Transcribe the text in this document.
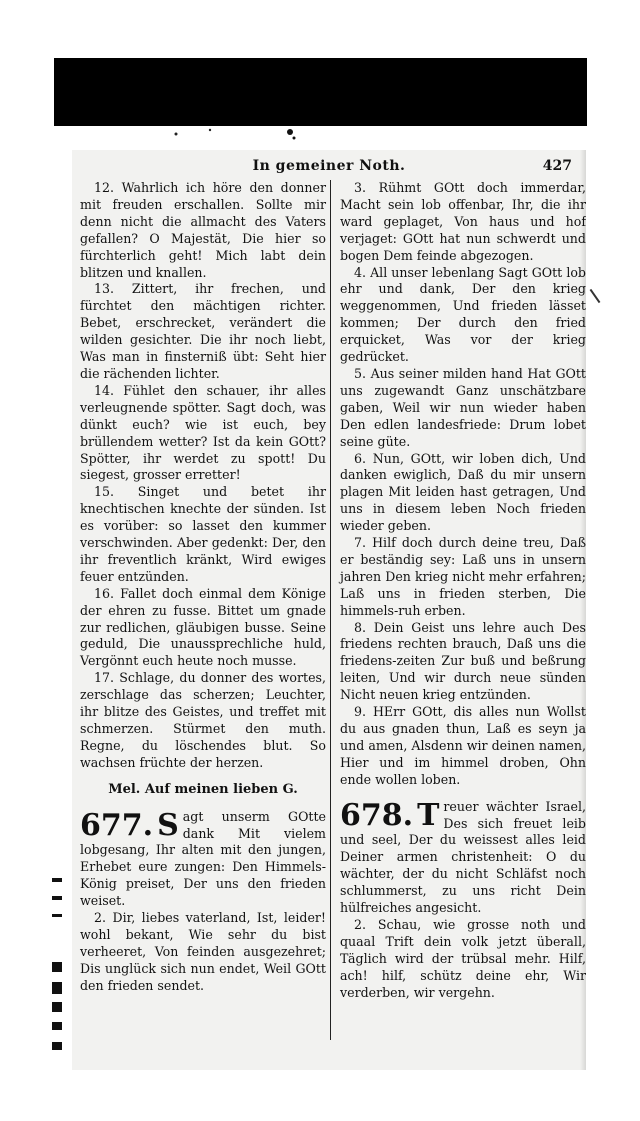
In gemeiner Noth.	427

12. Wahrlich ich höre den donner mit freuden erschallen. Sollte mir denn nicht die allmacht des Vaters gefallen? O Majestät, Die hier so fürchterlich geht! Mich labt dein blitzen und knallen.

13. Zittert, ihr frechen, und fürchtet den mächtigen richter. Bebet, erschrecket, verändert die wilden gesichter. Die ihr noch liebt, Was man in finsterniß übt: Seht hier die rächenden lichter.

14. Fühlet den schauer, ihr alles verleugnende spötter. Sagt doch, was dünkt euch? wie ist euch, bey brüllendem wetter? Ist da kein GOtt? Spötter, ihr werdet zu spott! Du siegest, grosser erretter!

15. Singet und betet ihr knechtischen knechte der sünden. Ist es vorüber: so lasset den kummer verschwinden. Aber gedenkt: Der, den ihr freventlich kränkt, Wird ewiges feuer entzünden.

16. Fallet doch einmal dem Könige der ehren zu fusse. Bittet um gnade zur redlichen, gläubigen busse. Seine geduld, Die unaussprechliche huld, Vergönnt euch heute noch musse.

17. Schlage, du donner des wortes, zerschlage das scherzen; Leuchter, ihr blitze des Geistes, und treffet mit schmerzen. Stürmet den muth. Regne, du löschendes blut. So wachsen früchte der herzen.

Mel. Auf meinen lieben G.

677. S agt unserm GOtte dank Mit vielem lobgesang, Ihr alten mit den jungen, Erhebet eure zungen: Den Himmels-König preiset, Der uns den frieden weiset.

2. Dir, liebes vaterland, Ist, leider! wohl bekant, Wie sehr du bist verheeret, Von feinden ausgezehret; Dis unglück sich nun endet, Weil GOtt den frieden sendet.

3. Rühmt GOtt doch immerdar, Macht sein lob offenbar, Ihr, die ihr ward geplaget, Von haus und hof verjaget: GOtt hat nun schwerdt und bogen Dem feinde abgezogen.

4. All unser lebenlang Sagt GOtt lob ehr und dank, Der den krieg weggenommen, Und frieden lässet kommen; Der durch den fried erquicket, Was vor der krieg gedrücket.

5. Aus seiner milden hand Hat GOtt uns zugewandt Ganz unschätzbare gaben, Weil wir nun wieder haben Den edlen landesfriede: Drum lobet seine güte.

6. Nun, GOtt, wir loben dich, Und danken ewiglich, Daß du mir unsern plagen Mit leiden hast getragen, Und uns in diesem leben Noch frieden wieder geben.

7. Hilf doch durch deine treu, Daß er beständig sey: Laß uns in unsern jahren Den krieg nicht mehr erfahren; Laß uns in frieden sterben, Die himmels-ruh erben.

8. Dein Geist uns lehre auch Des friedens rechten brauch, Daß uns die friedens-zeiten Zur buß und beßrung leiten, Und wir durch neue sünden Nicht neuen krieg entzünden.

9. HErr GOtt, dis alles nun Wollst du aus gnaden thun, Laß es seyn ja und amen, Alsdenn wir deinen namen, Hier und im himmel droben, Ohn ende wollen loben.

678. T reuer wächter Israel, Des sich freuet leib und seel, Der du weissest alles leid Deiner armen christenheit: O du wächter, der du nicht Schläfst noch schlummerst, zu uns richt Dein hülfreiches angesicht.

2. Schau, wie grosse noth und quaal Trift dein volk jetzt überall, Täglich wird der trübsal mehr. Hilf, ach! hilf, schütz deine ehr, Wir verderben, wir vergehn.
